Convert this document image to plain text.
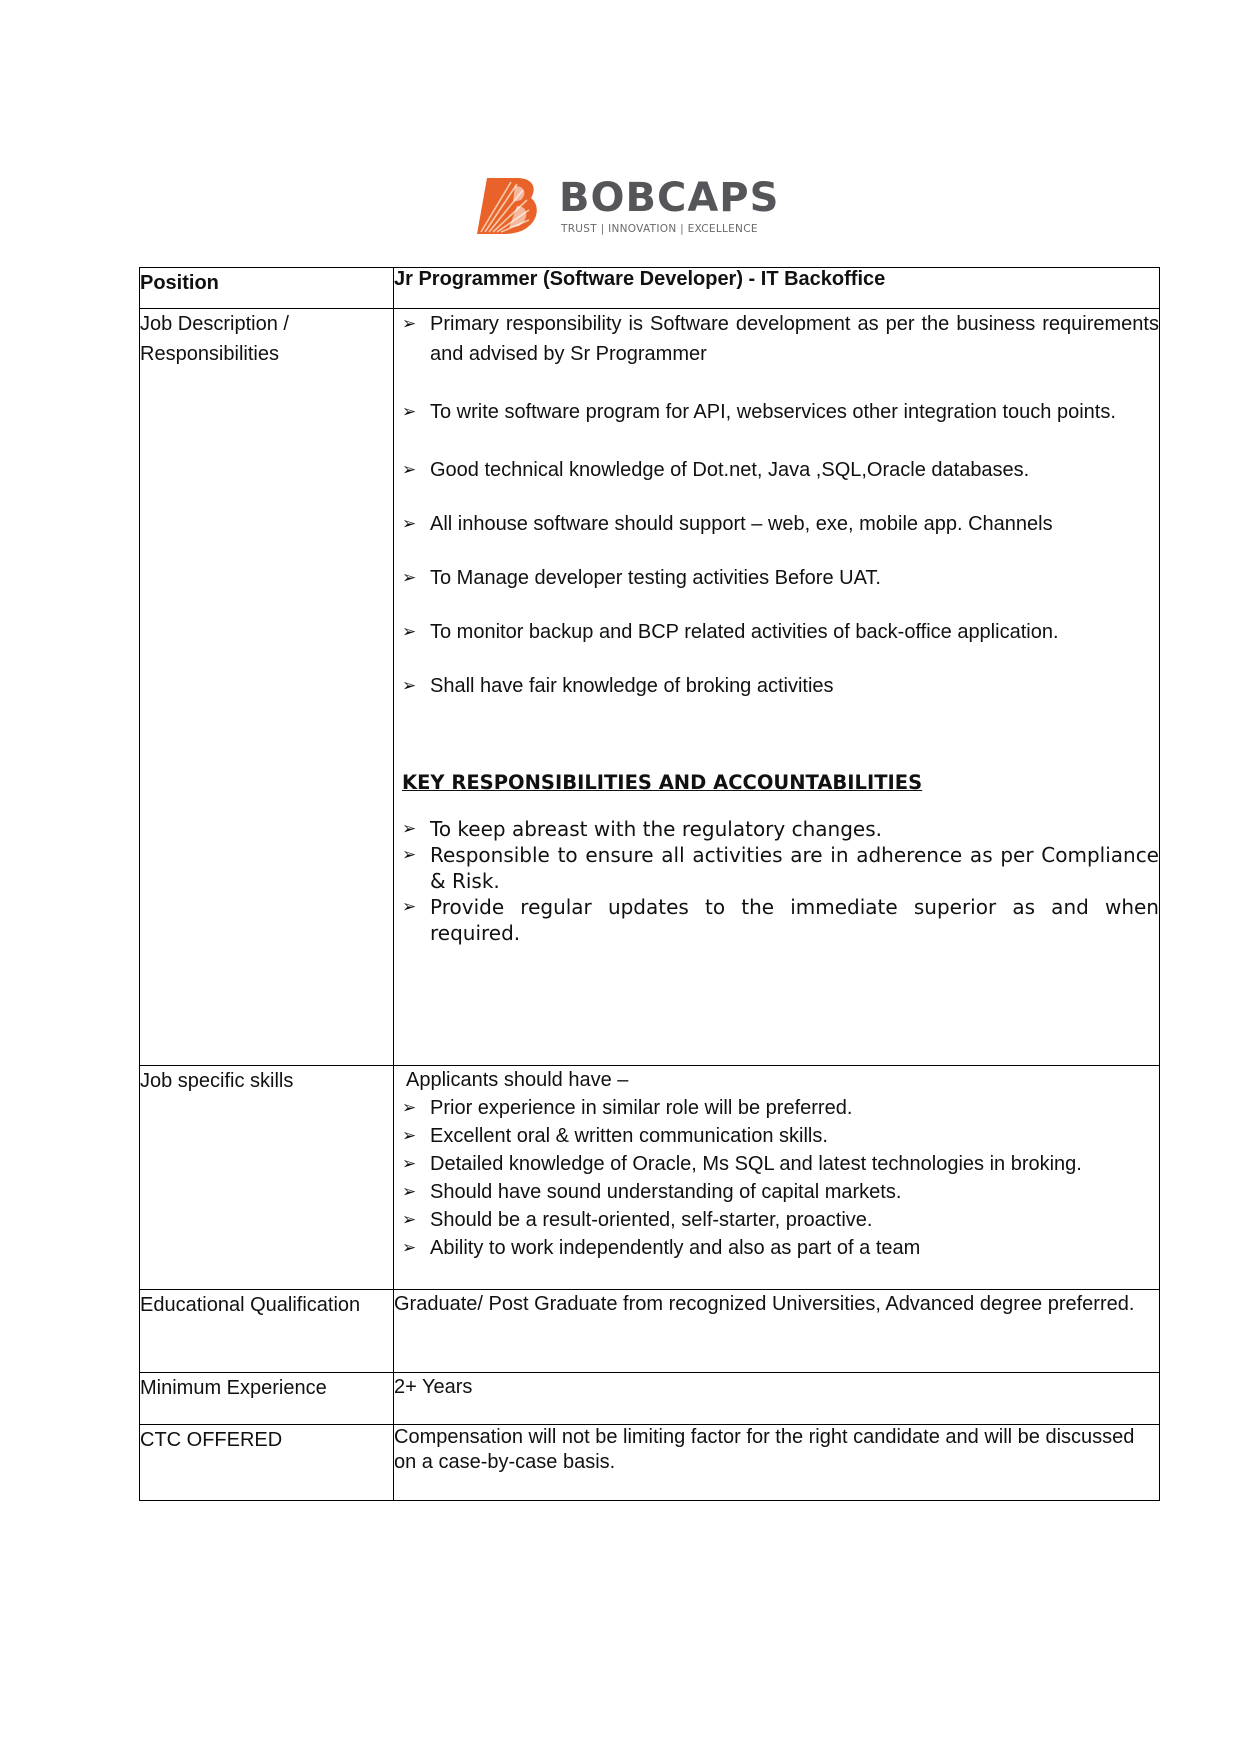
BOBCAPS
TRUST | INNOVATION | EXCELLENCE
Position	Jr Programmer (Software Developer) - IT Backoffice
Job Description / Responsibilities	
➢ Primary responsibility is Software development as per the business requirements and advised by Sr Programmer
➢ To write software program for API, webservices other integration touch points.
➢ Good technical knowledge of Dot.net, Java ,SQL,Oracle databases.
➢ All inhouse software should support – web, exe, mobile app. Channels
➢ To Manage developer testing activities Before UAT.
➢ To monitor backup and BCP related activities of back-office application.
➢ Shall have fair knowledge of broking activities
KEY RESPONSIBILITIES AND ACCOUNTABILITIES
➢ To keep abreast with the regulatory changes.
➢ Responsible to ensure all activities are in adherence as per Compliance & Risk.
➢ Provide regular updates to the immediate superior as and when required.

Job specific skills	Applicants should have –
➢ Prior experience in similar role will be preferred.
➢ Excellent oral & written communication skills.
➢ Detailed knowledge of Oracle, Ms SQL and latest technologies in broking.
➢ Should have sound understanding of capital markets.
➢ Should be a result-oriented, self-starter, proactive.
➢ Ability to work independently and also as part of a team

Educational Qualification	Graduate/ Post Graduate from recognized Universities, Advanced degree preferred.
Minimum Experience	2+ Years
CTC OFFERED	Compensation will not be limiting factor for the right candidate and will be discussed on a case-by-case basis.
